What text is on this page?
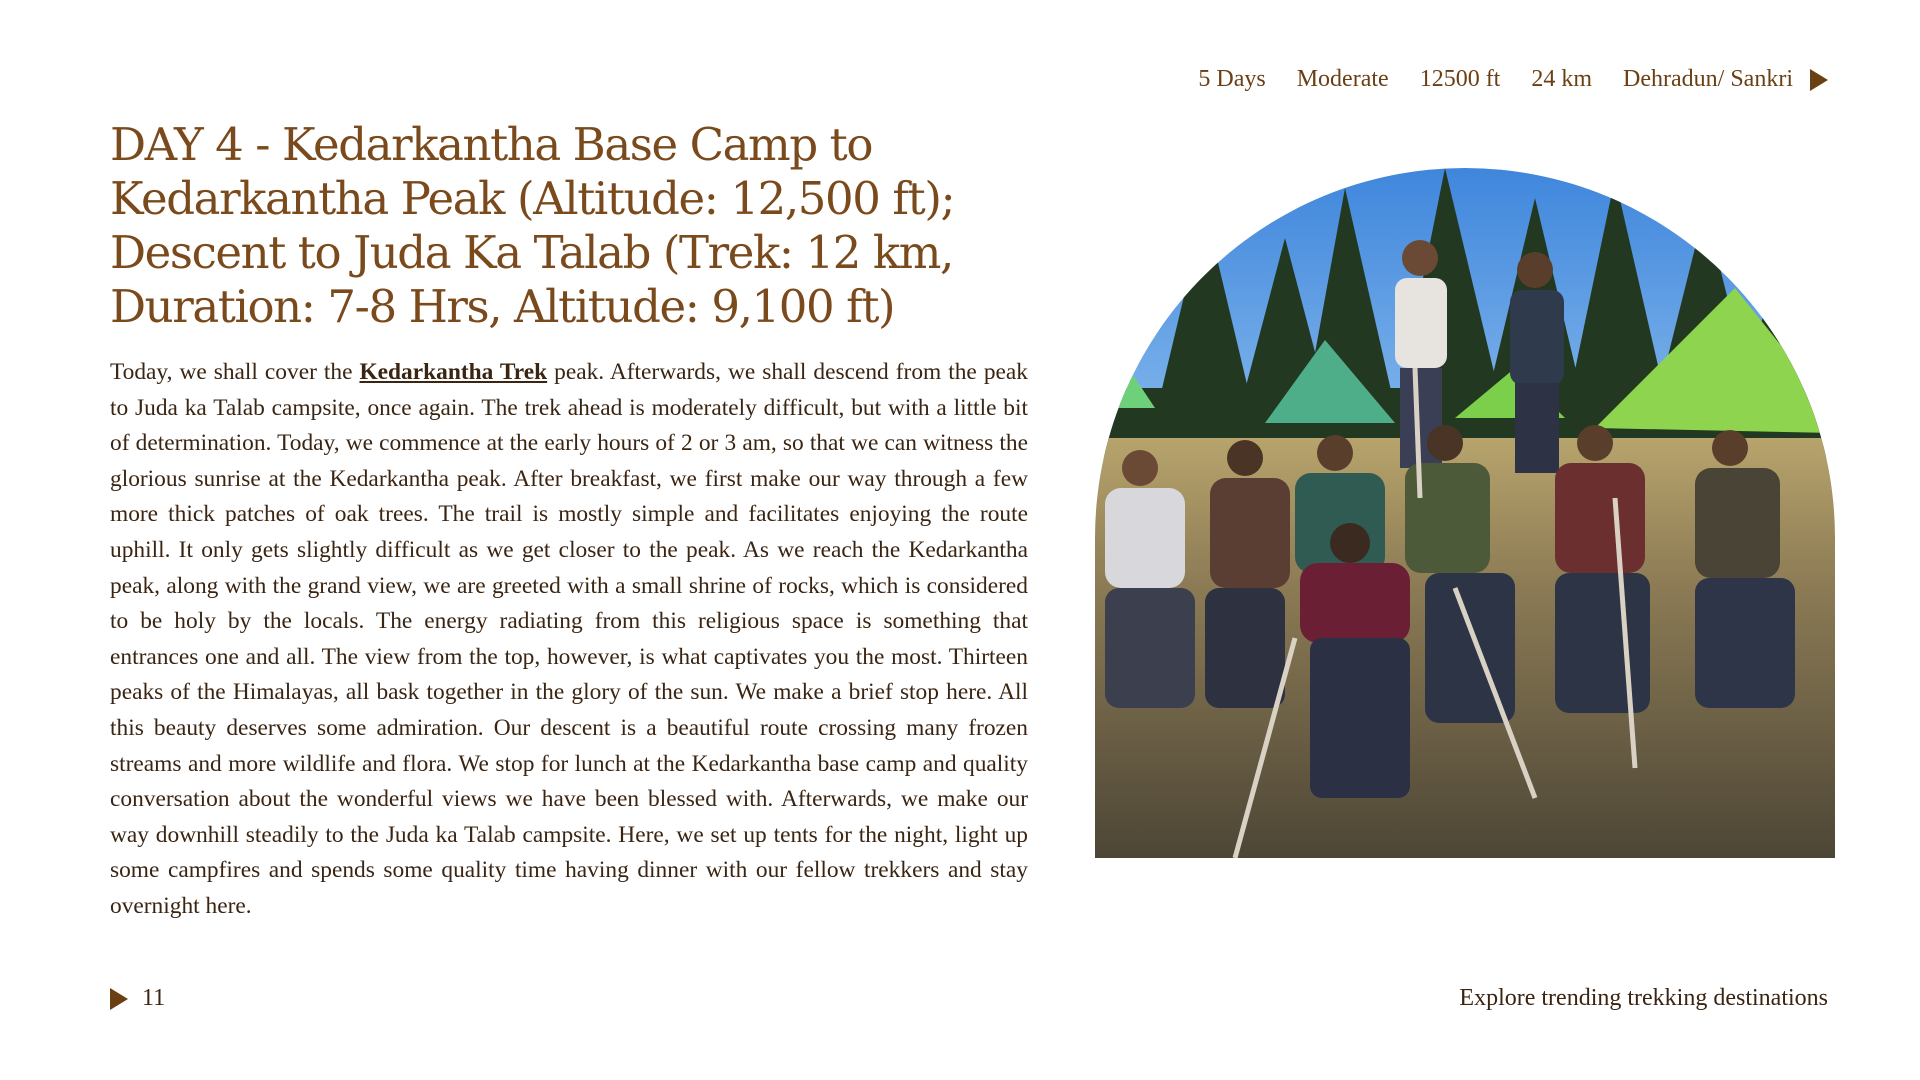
5 Days Moderate 12500 ft 24 km Dehradun/ Sankri
DAY 4 - Kedarkantha Base Camp to Kedarkantha Peak (Altitude: 12,500 ft); Descent to Juda Ka Talab (Trek: 12 km, Duration: 7-8 Hrs, Altitude: 9,100 ft)

Today, we shall cover the Kedarkantha Trek peak. Afterwards, we shall descend from the peak to Juda ka Talab campsite, once again. The trek ahead is moderately difficult, but with a little bit of determination. Today, we commence at the early hours of 2 or 3 am, so that we can witness the glorious sunrise at the Kedarkantha peak. After breakfast, we first make our way through a few more thick patches of oak trees. The trail is mostly simple and facilitates enjoying the route uphill. It only gets slightly difficult as we get closer to the peak. As we reach the Kedarkantha peak, along with the grand view, we are greeted with a small shrine of rocks, which is considered to be holy by the locals. The energy radiating from this religious space is something that entrances one and all. The view from the top, however, is what captivates you the most. Thirteen peaks of the Himalayas, all bask together in the glory of the sun. We make a brief stop here. All this beauty deserves some admiration. Our descent is a beautiful route crossing many frozen streams and more wildlife and flora. We stop for lunch at the Kedarkantha base camp and quality conversation about the wonderful views we have been blessed with. Afterwards, we make our way downhill steadily to the Juda ka Talab campsite. Here, we set up tents for the night, light up some campfires and spends some quality time having dinner with our fellow trekkers and stay overnight here.

11	Explore trending trekking destinations
